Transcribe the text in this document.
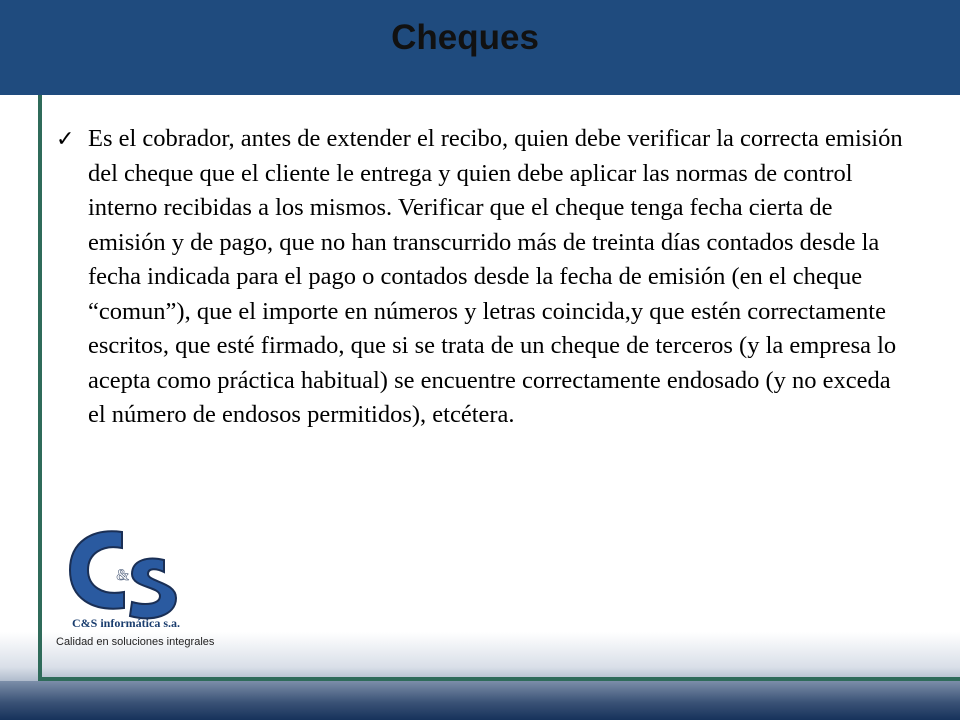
Cheques
✓ Es el cobrador, antes de extender el recibo, quien debe verificar la correcta emisión del cheque que el cliente le entrega y quien debe aplicar las normas de control interno recibidas a los mismos. Verificar que el cheque tenga fecha cierta de emisión y de pago, que no han transcurrido más de treinta días contados desde la fecha indicada para el pago o contados desde la fecha de emisión (en el cheque “comun”), que el importe en números y letras coincida,y que estén correctamente escritos, que esté firmado, que si se trata de un cheque de terceros (y la empresa lo acepta como práctica habitual) se encuentre correctamente endosado (y no exceda el número de endosos permitidos), etcétera.
&

C&S informática s.a.

Calidad en soluciones integrales
